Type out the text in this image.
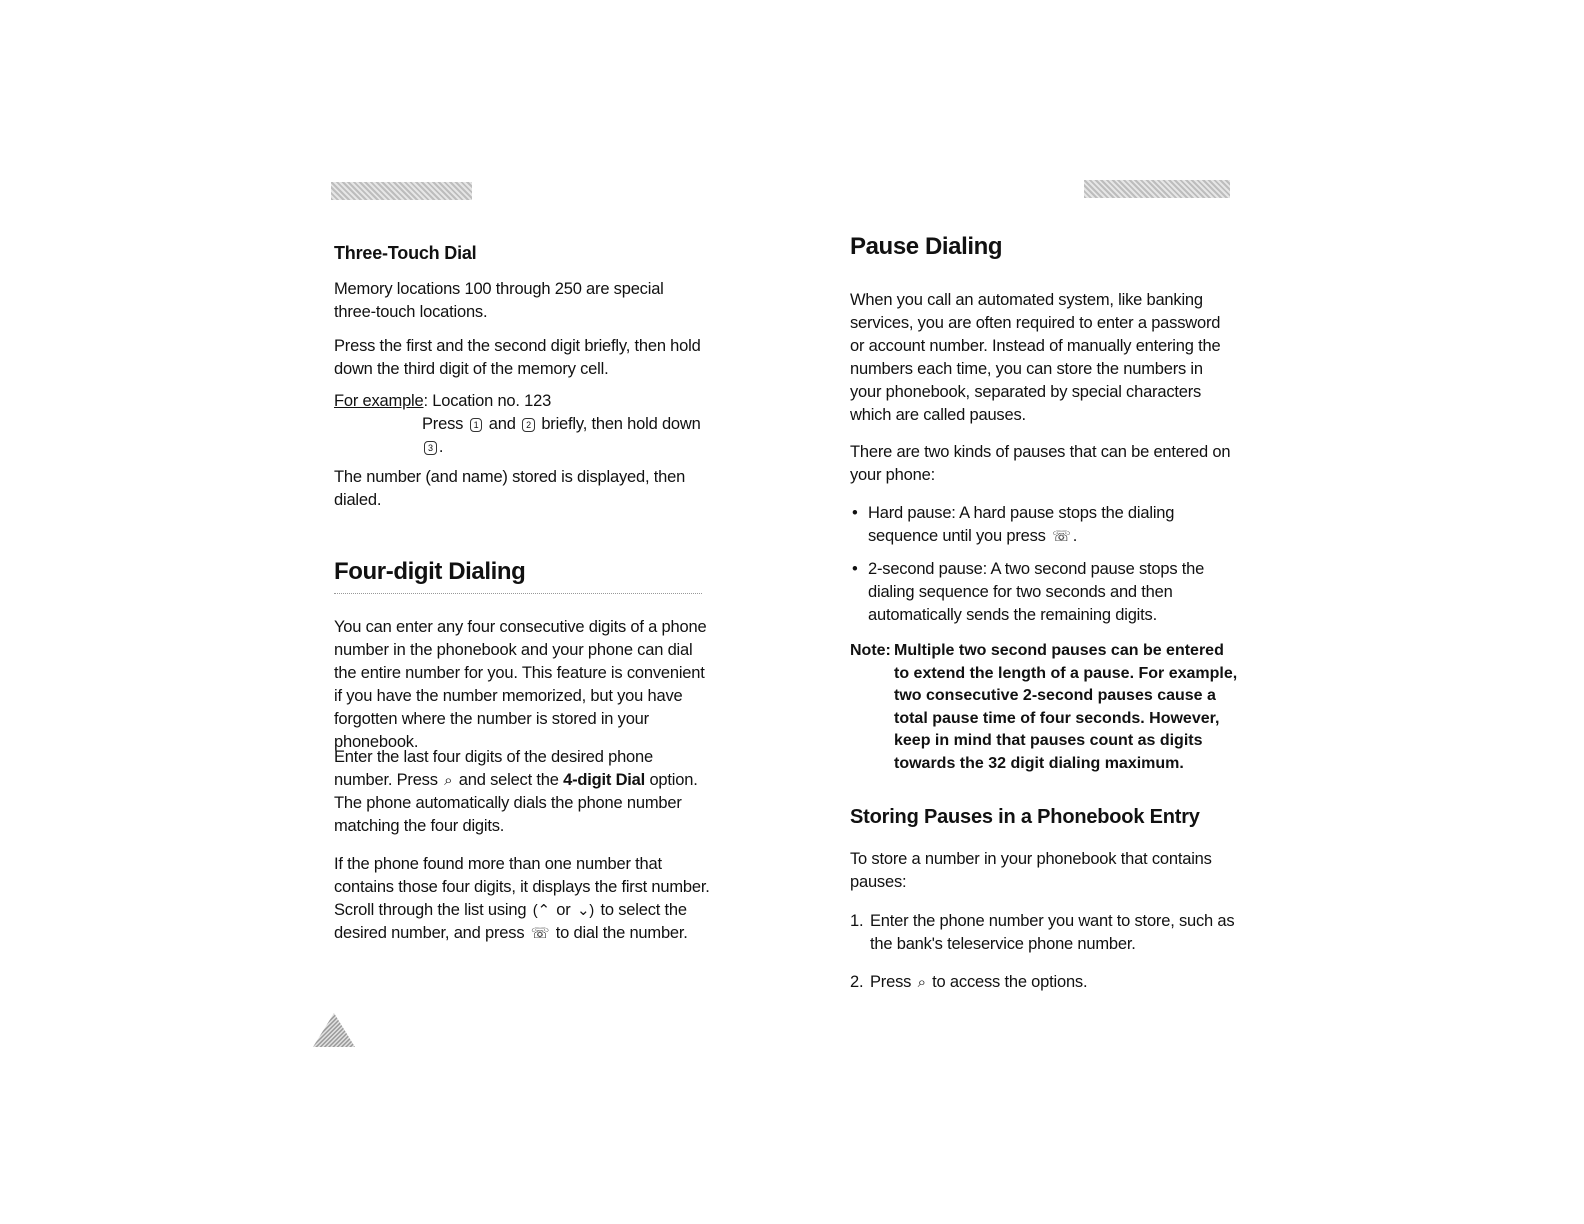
Three-Touch Dial

Memory locations 100 through 250 are special three-touch locations.

Press the first and the second digit briefly, then hold down the third digit of the memory cell.

For example: Location no. 123
Press 1 and 2 briefly, then hold down
3 .

The number (and name) stored is displayed, then dialed.

Four-digit Dialing

You can enter any four consecutive digits of a phone number in the phonebook and your phone can dial the entire number for you. This feature is convenient if you have the number memorized, but you have forgotten where the number is stored in your phonebook.

Enter the last four digits of the desired phone number. Press ⌕ and select the 4-digit Dial option. The phone automatically dials the phone number matching the four digits.

If the phone found more than one number that contains those four digits, it displays the first number. Scroll through the list using (⌃ or ⌄) to select the desired number, and press ☏ to dial the number.

Pause Dialing

When you call an automated system, like banking services, you are often required to enter a password or account number. Instead of manually entering the numbers each time, you can store the numbers in your phonebook, separated by special characters which are called pauses.

There are two kinds of pauses that can be entered on your phone:

• Hard pause: A hard pause stops the dialing sequence until you press ☏ .
• 2-second pause: A two second pause stops the dialing sequence for two seconds and then automatically sends the remaining digits.
Note: Multiple two second pauses can be entered to extend the length of a pause. For example, two consecutive 2-second pauses cause a total pause time of four seconds. However, keep in mind that pauses count as digits towards the 32 digit dialing maximum.
Storing Pauses in a Phonebook Entry

To store a number in your phonebook that contains pauses:

1. Enter the phone number you want to store, such as the bank's teleservice phone number.
2. Press ⌕ to access the options.
